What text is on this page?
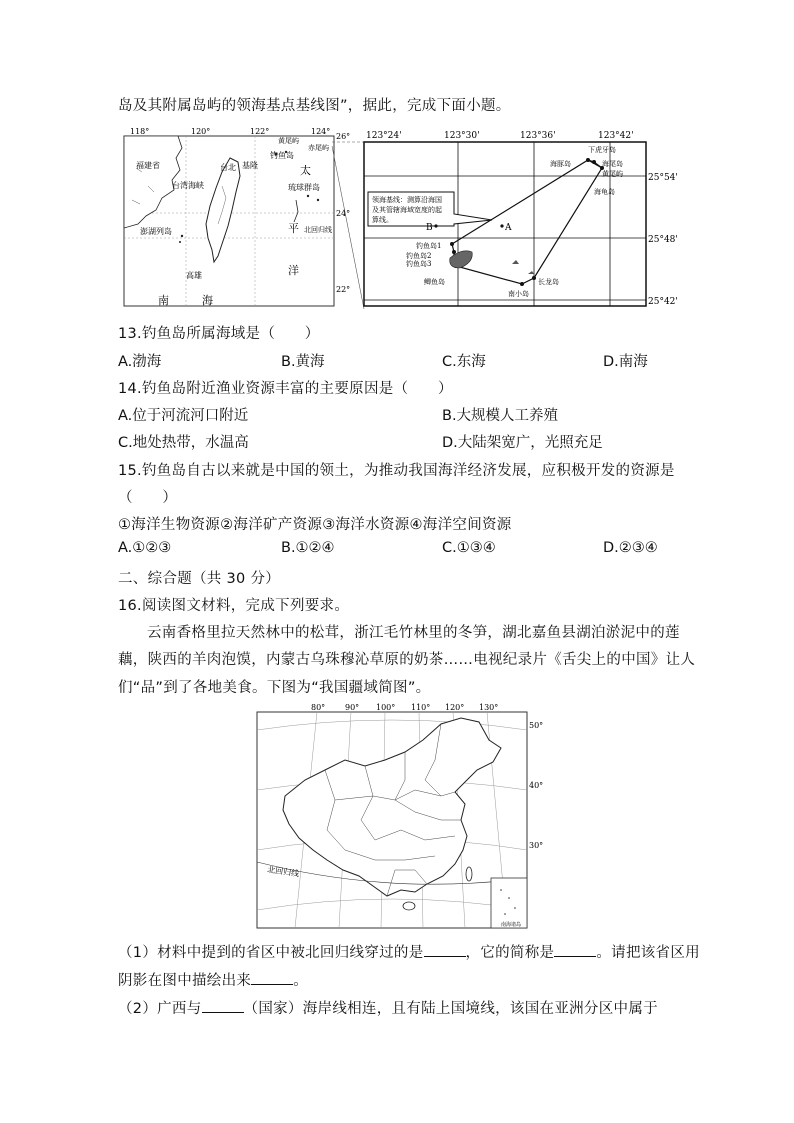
岛及其附属岛屿的领海基点基线图”，据此，完成下面小题。
118°	120°	122°	124°
26°
24°
22°
福建省
台湾海峡
澎湖列岛
台北 基隆
高雄
黄尾屿
赤尾屿
钓鱼岛
琉球群岛
太
平
洋
北回归线
南	海
123°24'	123°30'	123°36'	123°42'
25°54'
25°48'
25°42'
领海基线：测算沿海国
及其管辖海域宽度的起
算线。
B	A
下虎牙岛
海豚岛	海尾岛
黄尾屿
海龟岛
钓鱼岛1
钓鱼岛2
钓鱼岛3
鲫鱼岛
南小岛
长龙岛
13.钓鱼岛所属海域是（　　）
A.渤海	B.黄海	C.东海	D.南海
14.钓鱼岛附近渔业资源丰富的主要原因是（　　）
A.位于河流河口附近	B.大规模人工养殖
C.地处热带，水温高	D.大陆架宽广，光照充足
15.钓鱼岛自古以来就是中国的领土，为推动我国海洋经济发展，应积极开发的资源是
（　　）
①海洋生物资源②海洋矿产资源③海洋水资源④海洋空间资源
A.①②③	B.①②④	C.①③④	D.②③④
二、综合题（共 30 分）
16.阅读图文材料，完成下列要求。
云南香格里拉天然林中的松茸，浙江毛竹林里的冬笋，湖北嘉鱼县湖泊淤泥中的莲
藕，陕西的羊肉泡馍，内蒙古乌珠穆沁草原的奶茶……电视纪录片《舌尖上的中国》让人
们“品”到了各地美食。下图为“我国疆域简图”。
80° 90° 100° 110° 120° 130°
50°
40°
30°
北回归线
南海诸岛
（1）材料中提到的省区中被北回归线穿过的是	，它的简称是	。请把该省区用
阴影在图中描绘出来	。
（2）广西与	（国家）海岸线相连，且有陆上国境线，该国在亚洲分区中属于
